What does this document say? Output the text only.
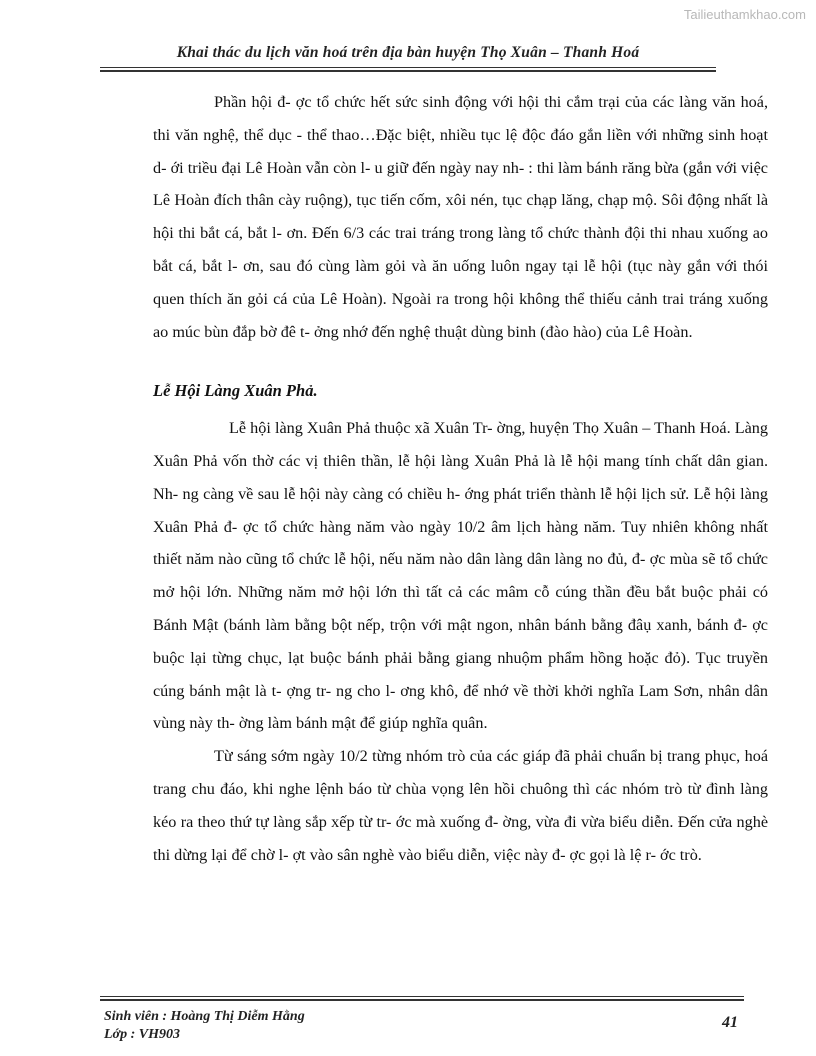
Tailieuthamkhao.com
Khai thác du lịch văn hoá trên địa bàn huyện Thọ Xuân – Thanh Hoá

Phần hội đ- ợc tổ chức hết sức sinh động với hội thi cắm trại của các làng văn hoá, thi văn nghệ, thể dục - thể thao…Đặc biệt, nhiều tục lệ độc đáo gắn liền với những sinh hoạt d- ới triều đại Lê Hoàn vẫn còn l- u giữ đến ngày nay nh- : thi làm bánh răng bừa (gắn với việc Lê Hoàn đích thân cày ruộng), tục tiến cốm, xôi nén, tục chạp lăng, chạp mộ. Sôi động nhất là hội thi bắt cá, bắt l- ơn. Đến 6/3 các trai tráng trong làng tổ chức thành đội thi nhau xuống ao bắt cá, bắt l- ơn, sau đó cùng làm gỏi và ăn uống luôn ngay tại lễ hội (tục này gắn với thói quen thích ăn gỏi cá của Lê Hoàn). Ngoài ra trong hội không thể thiếu cảnh trai tráng xuống ao múc bùn đắp bờ đê t- ởng nhớ đến nghệ thuật dùng binh (đào hào) của Lê Hoàn.

Lễ Hội Làng Xuân Phả.

Lễ hội làng Xuân Phả thuộc xã Xuân Tr- ờng, huyện Thọ Xuân – Thanh Hoá. Làng Xuân Phả vốn thờ các vị thiên thần, lễ hội làng Xuân Phả là lễ hội mang tính chất dân gian. Nh- ng càng về sau lễ hội này càng có chiều h- ớng phát triển thành lễ hội lịch sử. Lễ hội làng Xuân Phả đ- ợc tổ chức hàng năm vào ngày 10/2 âm lịch hàng năm. Tuy nhiên không nhất thiết năm nào cũng tổ chức lễ hội, nếu năm nào dân làng dân làng no đủ, đ- ợc mùa sẽ tổ chức mở hội lớn. Những năm mở hội lớn thì tất cả các mâm cỗ cúng thần đều bắt buộc phải có Bánh Mật (bánh làm bằng bột nếp, trộn với mật ngon, nhân bánh bằng đâụ xanh, bánh đ- ợc buộc lại từng chục, lạt buộc bánh phải bằng giang nhuộm phẩm hồng hoặc đỏ). Tục truyền cúng bánh mật là t- ợng tr- ng cho l- ơng khô, để nhớ về thời khởi nghĩa Lam Sơn, nhân dân vùng này th- ờng làm bánh mật để giúp nghĩa quân.

Từ sáng sớm ngày 10/2 từng nhóm trò của các giáp đã phải chuẩn bị trang phục, hoá trang chu đáo, khi nghe lệnh báo từ chùa vọng lên hồi chuông thì các nhóm trò từ đình làng kéo ra theo thứ tự làng sắp xếp từ tr- ớc mà xuống đ- ờng, vừa đi vừa biểu diễn. Đến cửa nghè thi dừng lại để chờ l- ợt vào sân nghè vào biểu diễn, việc này đ- ợc gọi là lệ r- ớc trò.

Sinh viên : Hoàng Thị Diễm Hằng
Lớp : VH903
41
